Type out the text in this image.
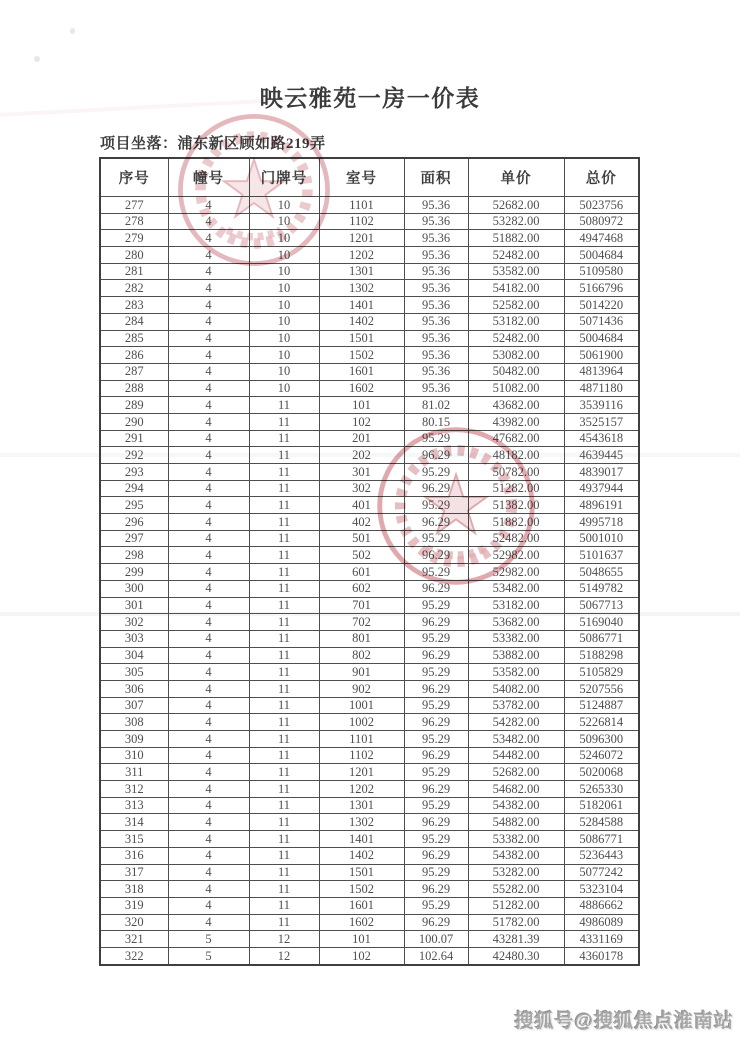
映云雅苑一房一价表
项目坐落：浦东新区顾如路219弄
序号	幢号	门牌号	室号	面积	单价	总价
277	4	10	1101	95.36	52682.00	5023756
278	4	10	1102	95.36	53282.00	5080972
279	4	10	1201	95.36	51882.00	4947468
280	4	10	1202	95.36	52482.00	5004684
281	4	10	1301	95.36	53582.00	5109580
282	4	10	1302	95.36	54182.00	5166796
283	4	10	1401	95.36	52582.00	5014220
284	4	10	1402	95.36	53182.00	5071436
285	4	10	1501	95.36	52482.00	5004684
286	4	10	1502	95.36	53082.00	5061900
287	4	10	1601	95.36	50482.00	4813964
288	4	10	1602	95.36	51082.00	4871180
289	4	11	101	81.02	43682.00	3539116
290	4	11	102	80.15	43982.00	3525157
291	4	11	201	95.29	47682.00	4543618
292	4	11	202	96.29	48182.00	4639445
293	4	11	301	95.29	50782.00	4839017
294	4	11	302	96.29	51282.00	4937944
295	4	11	401	95.29	51382.00	4896191
296	4	11	402	96.29	51882.00	4995718
297	4	11	501	95.29	52482.00	5001010
298	4	11	502	96.29	52982.00	5101637
299	4	11	601	95.29	52982.00	5048655
300	4	11	602	96.29	53482.00	5149782
301	4	11	701	95.29	53182.00	5067713
302	4	11	702	96.29	53682.00	5169040
303	4	11	801	95.29	53382.00	5086771
304	4	11	802	96.29	53882.00	5188298
305	4	11	901	95.29	53582.00	5105829
306	4	11	902	96.29	54082.00	5207556
307	4	11	1001	95.29	53782.00	5124887
308	4	11	1002	96.29	54282.00	5226814
309	4	11	1101	95.29	53482.00	5096300
310	4	11	1102	96.29	54482.00	5246072
311	4	11	1201	95.29	52682.00	5020068
312	4	11	1202	96.29	54682.00	5265330
313	4	11	1301	95.29	54382.00	5182061
314	4	11	1302	96.29	54882.00	5284588
315	4	11	1401	95.29	53382.00	5086771
316	4	11	1402	96.29	54382.00	5236443
317	4	11	1501	95.29	53282.00	5077242
318	4	11	1502	96.29	55282.00	5323104
319	4	11	1601	95.29	51282.00	4886662
320	4	11	1602	96.29	51782.00	4986089
321	5	12	101	100.07	43281.39	4331169
322	5	12	102	102.64	42480.30	4360178
搜狐号@搜狐焦点淮南站
